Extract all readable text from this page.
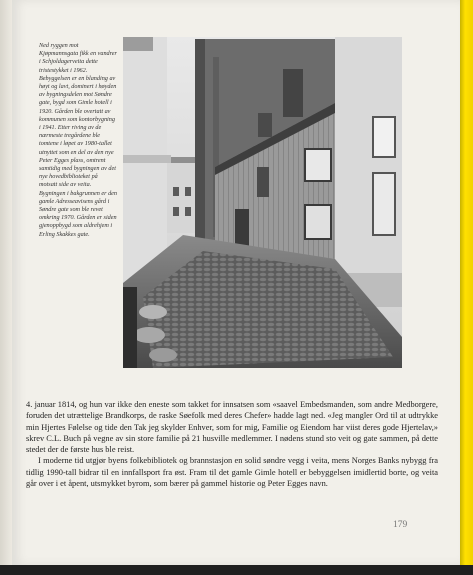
Ned ryggen mot Kjøpmannsgata fikk en vandrer i Schjoldagerveita dette tristestykket i 1962. Bebyggelsen er en blanding av høyt og lavt, dominert i høyden av bygningsdelen mot Søndre gate, bygd som Gimle hotell i 1920. Gården ble overtatt av kommunen som kontorbygning i 1941. Etter riving av de nærmeste tregårdene ble tomtene i løpet av 1980-tallet utnyttet som en del av den nye Peter Egges plass, omtrent samtidig med bygningen av det nye hovedbiblioteket på motsatt side av veita. Bygningen i bakgrunnen er den gamle Adresseavisens gård i Søndre gate som ble revet omkring 1970. Gården er siden gjenoppbygd som aldrehjem i Erling Skakkes gate.

4. januar 1814, og hun var ikke den eneste som takket for innsatsen som «saavel Embedsmanden, som andre Medborgere, foruden det utrættelige Brandkorps, de raske Søefolk med deres Chefer» hadde lagt ned. «Jeg mangler Ord til at udtrykke min Hjertes Følelse og tide den Tak jeg skylder Enhver, som for mig, Familie og Eiendom har viist deres gode Hjertelav,» skrev C.L. Buch på vegne av sin store familie på 21 husville medlemmer. I nødens stund sto veit og gate sammen, på dette stedet der de første hus ble reist.

I moderne tid utgjør byens folkebibliotek og brannstasjon en solid søndre vegg i veita, mens Norges Banks nybygg fra tidlig 1990-tall bidrar til en innfallsport fra øst. Fram til det gamle Gimle hotell er bebyggelsen imidlertid borte, og veita går over i et åpent, utsmykket byrom, som bærer på gammel historie og Peter Egges navn.

179
